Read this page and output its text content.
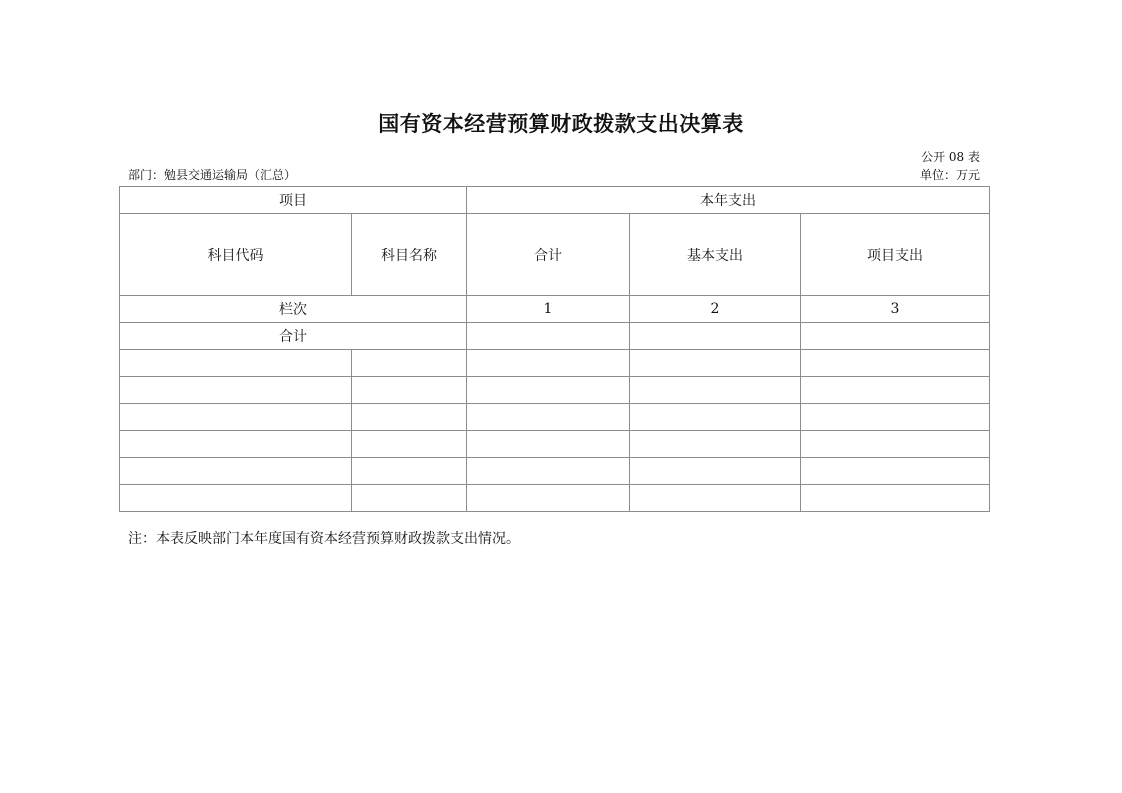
国有资本经营预算财政拨款支出决算表
公开 08 表
部门：勉县交通运输局（汇总）	单位：万元
项目		本年支出		
科目代码	科目名称	合计	基本支出	项目支出
栏次		1	2	3
合计				

注：本表反映部门本年度国有资本经营预算财政拨款支出情况。
